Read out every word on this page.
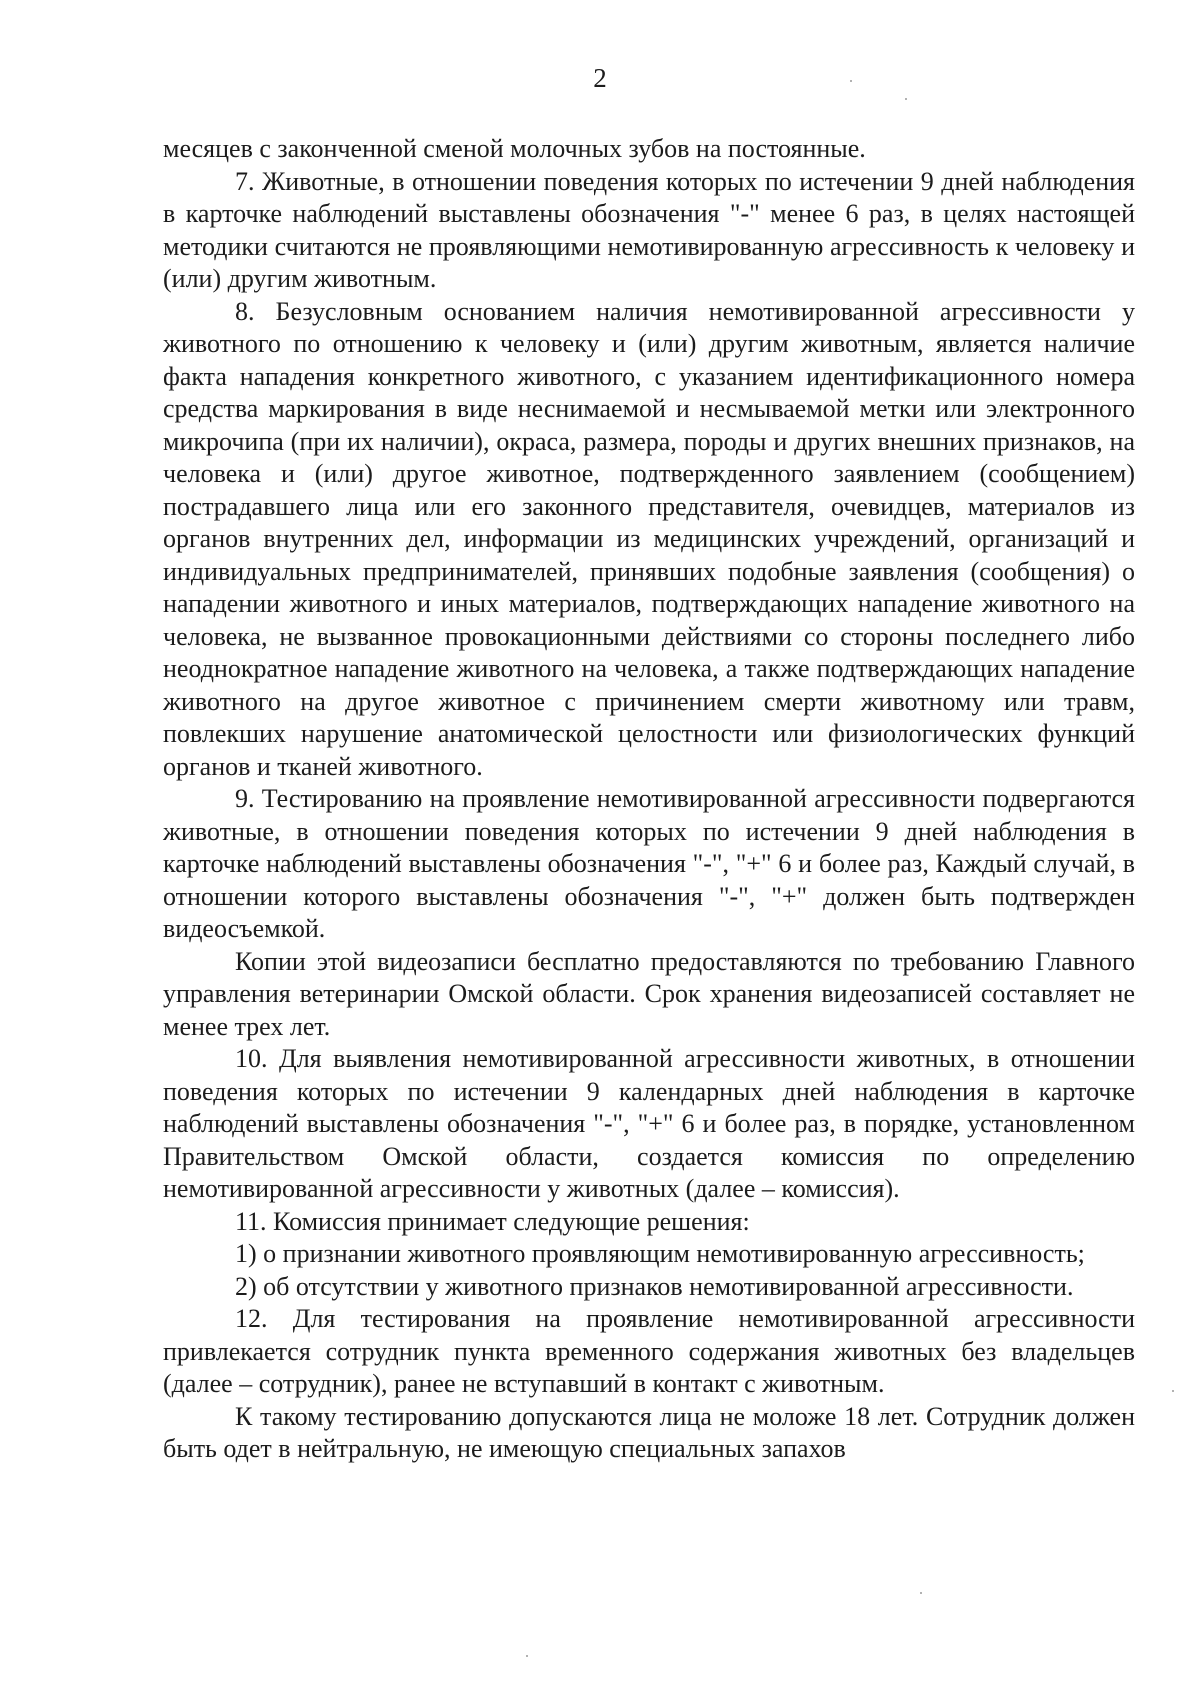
2

месяцев с законченной сменой молочных зубов на постоянные.

7. Животные, в отношении поведения которых по истечении 9 дней наблюдения в карточке наблюдений выставлены обозначения "-" менее 6 раз, в целях настоящей методики считаются не проявляющими немотивированную агрессивность к человеку и (или) другим животным.

8. Безусловным основанием наличия немотивированной агрессивности у животного по отношению к человеку и (или) другим животным, является наличие факта нападения конкретного животного, с указанием идентификационного номера средства маркирования в виде неснимаемой и несмываемой метки или электронного микрочипа (при их наличии), окраса, размера, породы и других внешних признаков, на человека и (или) другое животное, подтвержденного заявлением (сообщением) пострадавшего лица или его законного представителя, очевидцев, материалов из органов внутренних дел, информации из медицинских учреждений, организаций и индивидуальных предпринимателей, принявших подобные заявления (сообщения) о нападении животного и иных материалов, подтверждающих нападение животного на человека, не вызванное провокационными действиями со стороны последнего либо неоднократное нападение животного на человека, а также подтверждающих нападение животного на другое животное с причинением смерти животному или травм, повлекших нарушение анатомической целостности или физиологических функций органов и тканей животного.

9. Тестированию на проявление немотивированной агрессивности подвергаются животные, в отношении поведения которых по истечении 9 дней наблюдения в карточке наблюдений выставлены обозначения "-", "+" 6 и более раз, Каждый случай, в отношении которого выставлены обозначения "-", "+" должен быть подтвержден видеосъемкой.

Копии этой видеозаписи бесплатно предоставляются по требованию Главного управления ветеринарии Омской области. Срок хранения видеозаписей составляет не менее трех лет.

10. Для выявления немотивированной агрессивности животных, в отношении поведения которых по истечении 9 календарных дней наблюдения в карточке наблюдений выставлены обозначения "-", "+" 6 и более раз, в порядке, установленном Правительством Омской области, создается комиссия по определению немотивированной агрессивности у животных (далее – комиссия).

11. Комиссия принимает следующие решения:

1) о признании животного проявляющим немотивированную агрессивность;

2) об отсутствии у животного признаков немотивированной агрессивности.

12. Для тестирования на проявление немотивированной агрессивности привлекается сотрудник пункта временного содержания животных без владельцев (далее – сотрудник), ранее не вступавший в контакт с животным.

К такому тестированию допускаются лица не моложе 18 лет. Сотрудник должен быть одет в нейтральную, не имеющую специальных запахов
